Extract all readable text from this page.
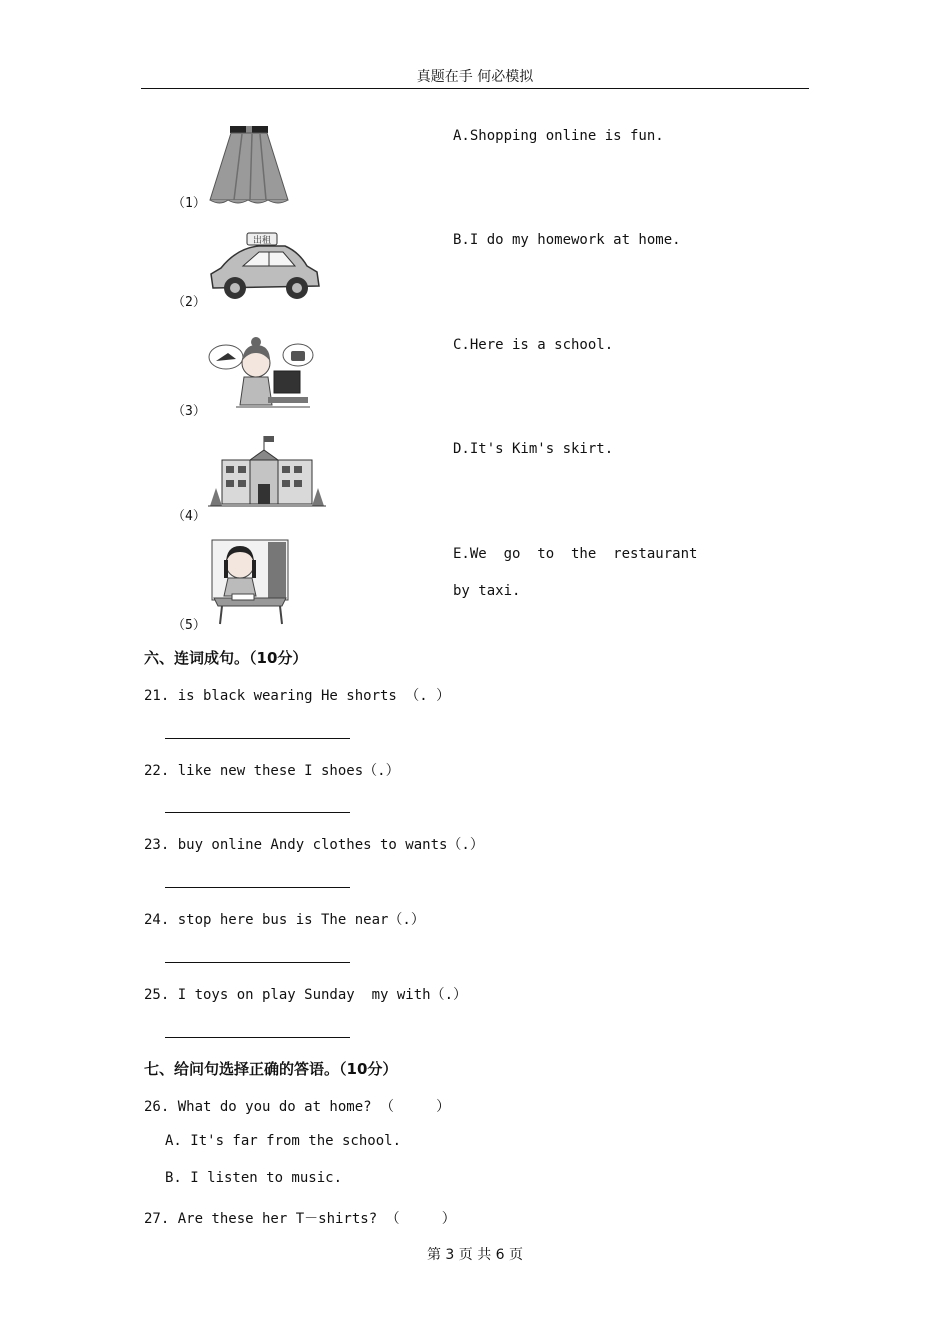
真题在手 何必模拟
（1）
出租
（2）
（3）
（4）
（5）
A.Shopping online is fun.
B.I do my homework at home.
C.Here is a school.
D.It's Kim's skirt.
E.We  go  to  the  restaurant
by taxi.
六、连词成句。（10分）
21. is black wearing He shorts （. ）
22. like new these I shoes（.）
23. buy online Andy clothes to wants（.）
24. stop here bus is The near（.）
25. I toys on play Sunday  my with（.）
七、给问句选择正确的答语。（10分）
26. What do you do at home? （     ）
A. It's far from the school.
B. I listen to music.
27. Are these her T－shirts? （     ）
第 3 页 共 6 页
